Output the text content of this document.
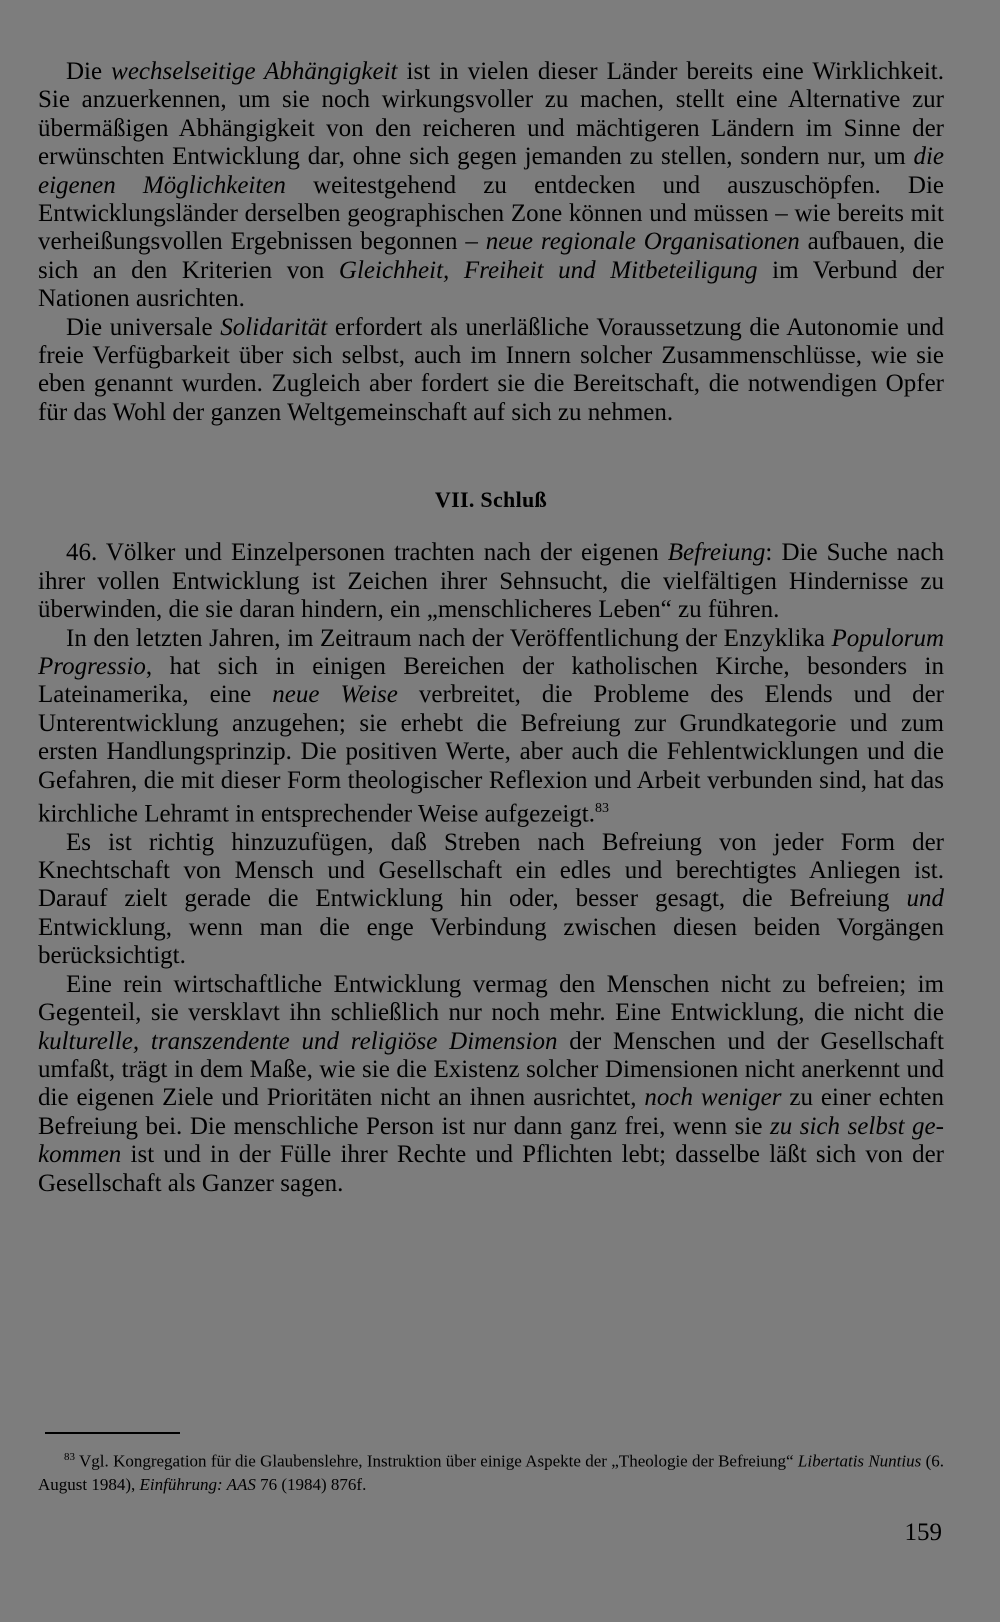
Die wechselseitige Abhängigkeit ist in vielen dieser Länder bereits eine Wirklichkeit. Sie anzuerkennen, um sie noch wirkungsvoller zu machen, stellt eine Alternative zur übermäßigen Abhängigkeit von den reicheren und mächtigeren Ländern im Sinne der erwünschten Entwicklung dar, ohne sich gegen jemanden zu stellen, sondern nur, um die eigenen Möglichkeiten weitestgehend zu entdecken und auszuschöpfen. Die Entwicklungsländer derselben geographischen Zone können und müssen – wie bereits mit verheißungsvollen Ergebnissen begonnen – neue regionale Organisationen aufbauen, die sich an den Kriterien von Gleichheit, Freiheit und Mitbeteiligung im Verbund der Nationen ausrichten.

Die universale Solidarität erfordert als unerläßliche Voraussetzung die Autonomie und freie Verfügbarkeit über sich selbst, auch im Innern solcher Zusammenschlüsse, wie sie eben genannt wurden. Zugleich aber fordert sie die Bereitschaft, die notwendigen Opfer für das Wohl der ganzen Weltgemeinschaft auf sich zu nehmen.

VII. Schluß

46. Völker und Einzelpersonen trachten nach der eigenen Befreiung: Die Suche nach ihrer vollen Entwicklung ist Zeichen ihrer Sehnsucht, die vielfältigen Hindernisse zu überwinden, die sie daran hindern, ein „menschlicheres Leben“ zu führen.

In den letzten Jahren, im Zeitraum nach der Veröffentlichung der Enzyklika Populorum Progressio, hat sich in einigen Bereichen der katholischen Kirche, besonders in Lateinamerika, eine neue Weise verbreitet, die Probleme des Elends und der Unterentwicklung anzugehen; sie erhebt die Befreiung zur Grundkategorie und zum ersten Handlungsprinzip. Die positiven Werte, aber auch die Fehlentwicklungen und die Gefahren, die mit dieser Form theologischer Reflexion und Arbeit verbunden sind, hat das kirchliche Lehramt in entsprechender Weise aufgezeigt.$^{83}$

Es ist richtig hinzuzufügen, daß Streben nach Befreiung von jeder Form der Knechtschaft von Mensch und Gesellschaft ein edles und berechtigtes Anliegen ist. Darauf zielt gerade die Entwicklung hin oder, besser gesagt, die Befreiung und Entwicklung, wenn man die enge Verbindung zwischen diesen beiden Vorgängen berücksichtigt.

Eine rein wirtschaftliche Entwicklung vermag den Menschen nicht zu befreien; im Gegenteil, sie versklavt ihn schließlich nur noch mehr. Eine Entwicklung, die nicht die kulturelle, transzendente und religiöse Dimension der Menschen und der Gesellschaft umfaßt, trägt in dem Maße, wie sie die Existenz solcher Dimensionen nicht anerkennt und die eigenen Ziele und Prioritäten nicht an ihnen ausrichtet, noch weniger zu einer echten Befreiung bei. Die menschliche Person ist nur dann ganz frei, wenn sie zu sich selbst gekommen ist und in der Fülle ihrer Rechte und Pflichten lebt; dasselbe läßt sich von der Gesellschaft als Ganzer sagen.

$^{83}$ Vgl. Kongregation für die Glaubenslehre, Instruktion über einige Aspekte der „Theologie der Befreiung“ Libertatis Nuntius (6. August 1984), Einführung: AAS 76 (1984) 876f.
159
